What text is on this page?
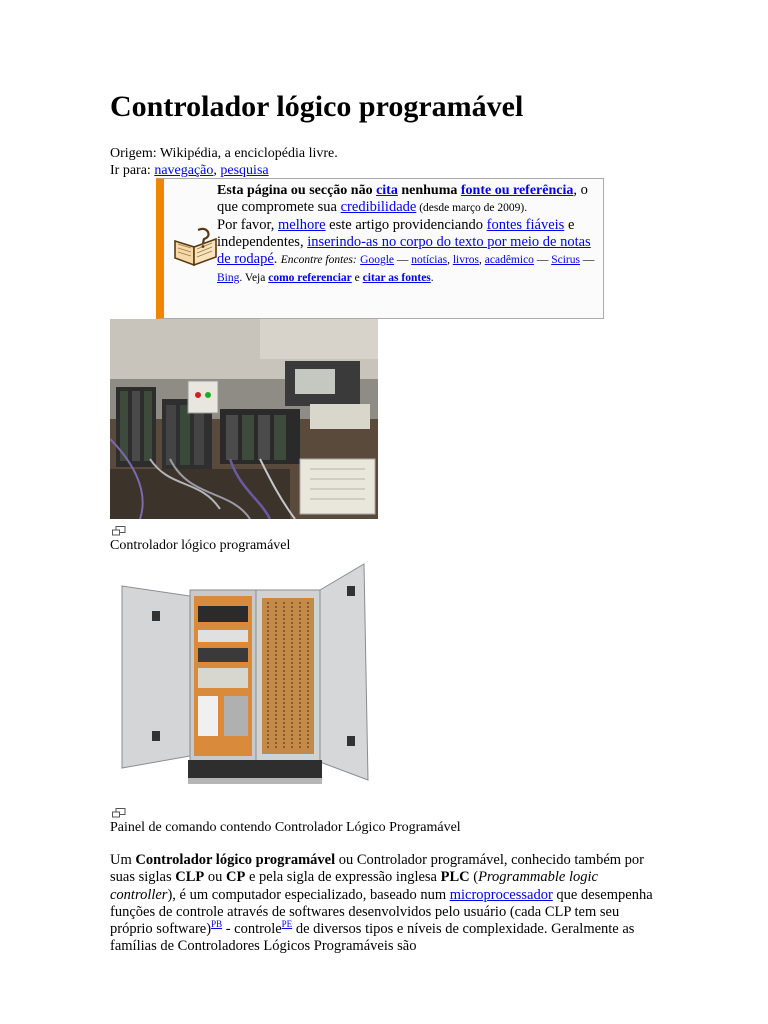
Controlador lógico programável
Origem: Wikipédia, a enciclopédia livre.
Ir para: navegação, pesquisa
Esta página ou secção não cita nenhuma fonte ou referência, o que compromete sua credibilidade (desde março de 2009).
Por favor, melhore este artigo providenciando fontes fiáveis e independentes, inserindo-as no corpo do texto por meio de notas de rodapé. Encontre fontes: Google — notícias, livros, acadêmico — Scirus — Bing. Veja como referenciar e citar as fontes.
Controlador lógico programável
Painel de comando contendo Controlador Lógico Programável
Um Controlador lógico programável ou Controlador programável, conhecido também por suas siglas CLP ou CP e pela sigla de expressão inglesa PLC (Programmable logic controller), é um computador especializado, baseado num microprocessador que desempenha funções de controle através de softwares desenvolvidos pelo usuário (cada CLP tem seu próprio software)$^{PB}$ - controle$^{PE}$ de diversos tipos e níveis de complexidade. Geralmente as famílias de Controladores Lógicos Programáveis são
